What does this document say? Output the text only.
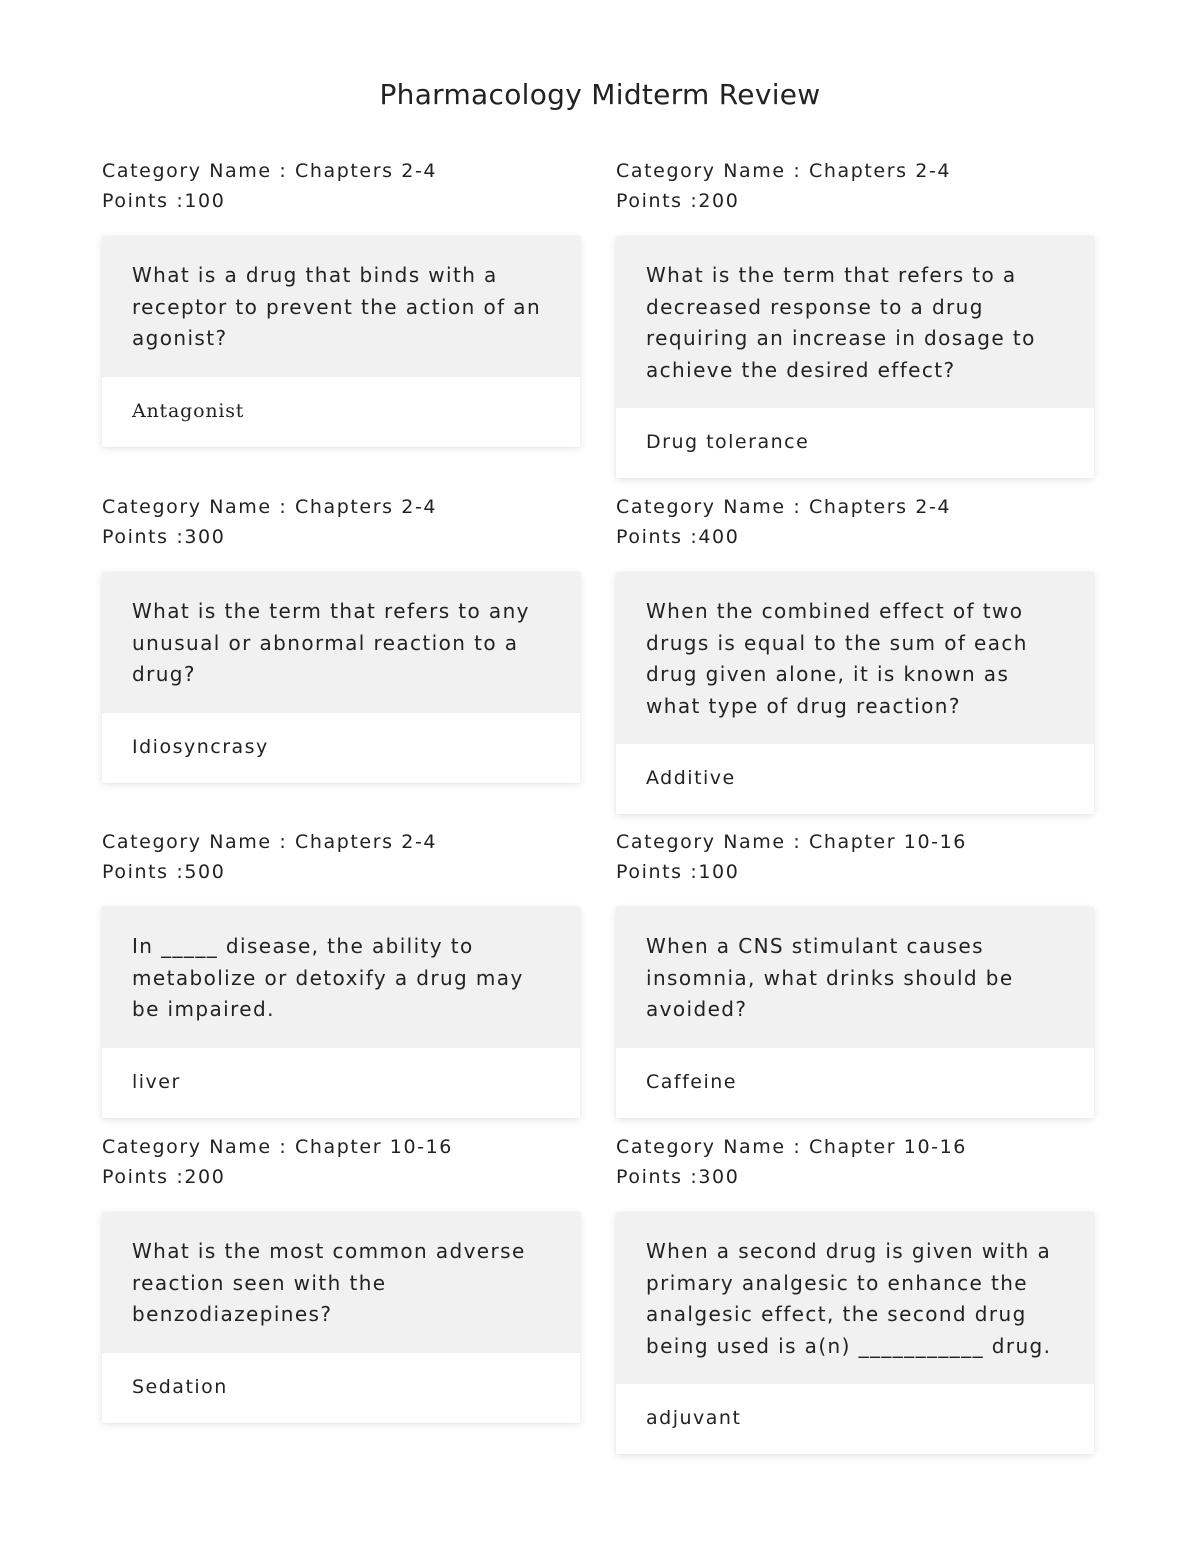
Pharmacology Midterm Review
Category Name : Chapters 2-4
Points :100
What is a drug that binds with a receptor to prevent the action of an agonist?
Antagonist
Category Name : Chapters 2-4
Points :200
What is the term that refers to a decreased response to a drug requiring an increase in dosage to achieve the desired effect?
Drug tolerance
Category Name : Chapters 2-4
Points :300
What is the term that refers to any unusual or abnormal reaction to a drug?
Idiosyncrasy
Category Name : Chapters 2-4
Points :400
When the combined effect of two drugs is equal to the sum of each drug given alone, it is known as what type of drug reaction?
Additive
Category Name : Chapters 2-4
Points :500
In _____ disease, the ability to metabolize or detoxify a drug may be impaired.
liver
Category Name : Chapter 10-16
Points :100
When a CNS stimulant causes insomnia, what drinks should be avoided?
Caffeine
Category Name : Chapter 10-16
Points :200
What is the most common adverse reaction seen with the benzodiazepines?
Sedation
Category Name : Chapter 10-16
Points :300
When a second drug is given with a primary analgesic to enhance the analgesic effect, the second drug being used is a(n) ___________ drug.
adjuvant
